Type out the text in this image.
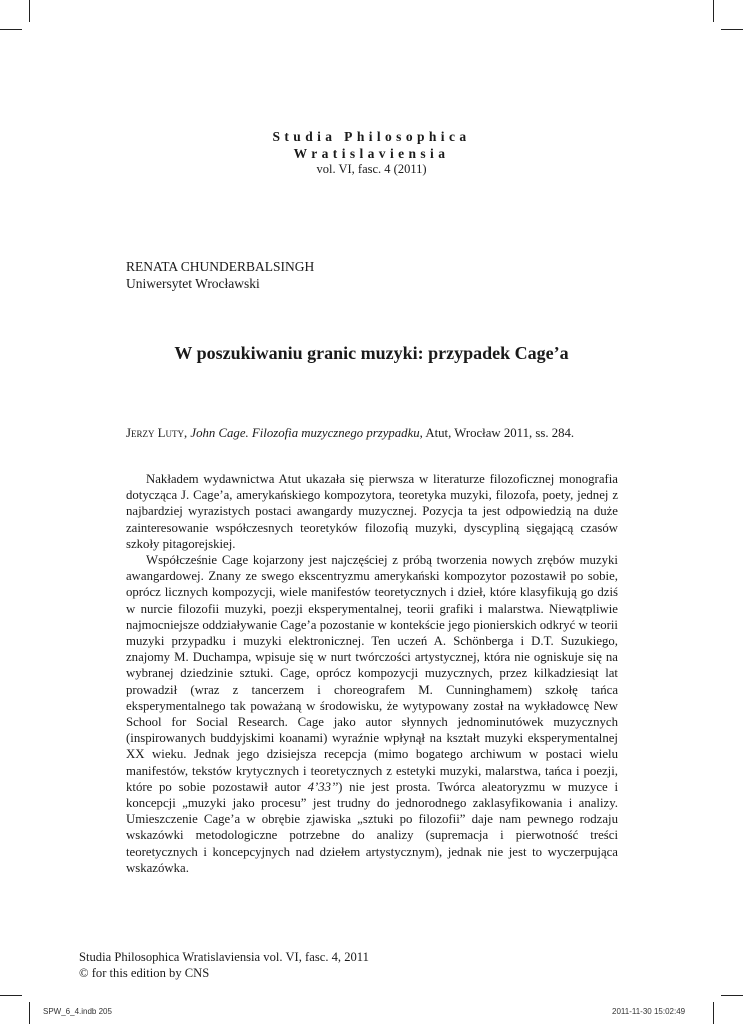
Studia Philosophica
Wratislaviensia
vol. VI, fasc. 4 (2011)
RENATA CHUNDERBALSINGH
Uniwersytet Wrocławski
W poszukiwaniu granic muzyki: przypadek Cage’a
Jerzy Luty, John Cage. Filozofia muzycznego przypadku, Atut, Wrocław 2011, ss. 284.

Nakładem wydawnictwa Atut ukazała się pierwsza w literaturze filozoficznej monografia dotycząca J. Cage’a, amerykańskiego kompozytora, teoretyka muzyki, filozofa, poety, jednej z najbardziej wyrazistych postaci awangardy muzycznej. Pozycja ta jest odpowiedzią na duże zainteresowanie współczesnych teoretyków filozofią muzyki, dyscypliną sięgającą czasów szkoły pitagorejskiej.

Współcześnie Cage kojarzony jest najczęściej z próbą tworzenia nowych zrębów muzyki awangardowej. Znany ze swego ekscentryzmu amerykański kompozytor pozostawił po sobie, oprócz licznych kompozycji, wiele manifestów teoretycznych i dzieł, które klasyfikują go dziś w nurcie filozofii muzyki, poezji eksperymentalnej, teorii grafiki i malarstwa. Niewątpliwie najmocniejsze oddziaływanie Cage’a pozostanie w kontekście jego pionierskich odkryć w teorii muzyki przypadku i muzyki elektronicznej. Ten uczeń A. Schönberga i D.T. Suzukiego, znajomy M. Duchampa, wpisuje się w nurt twórczości artystycznej, która nie ogniskuje się na wybranej dziedzinie sztuki. Cage, oprócz kompozycji muzycznych, przez kilkadziesiąt lat prowadził (wraz z tancerzem i choreografem M. Cunninghamem) szkołę tańca eksperymentalnego tak poważaną w środowisku, że wytypowany został na wykładowcę New School for Social Research. Cage jako autor słynnych jednominutówek muzycznych (inspirowanych buddyjskimi koanami) wyraźnie wpłynął na kształt muzyki eksperymentalnej XX wieku. Jednak jego dzisiejsza recepcja (mimo bogatego archiwum w postaci wielu manifestów, tekstów krytycznych i teoretycznych z estetyki muzyki, malarstwa, tańca i poezji, które po sobie pozostawił autor 4’33’’) nie jest prosta. Twórca aleatoryzmu w muzyce i koncepcji „muzyki jako procesu” jest trudny do jednorodnego zaklasyfikowania i analizy. Umieszczenie Cage’a w obrębie zjawiska „sztuki po filozofii” daje nam pewnego rodzaju wskazówki metodologiczne potrzebne do analizy (supremacja i pierwotność treści teoretycznych i koncepcyjnych nad dziełem artystycznym), jednak nie jest to wyczerpująca wskazówka.

Studia Philosophica Wratislaviensia vol. VI, fasc. 4, 2011
© for this edition by CNS
SPW_6_4.indb 205	2011-11-30 15:02:49
